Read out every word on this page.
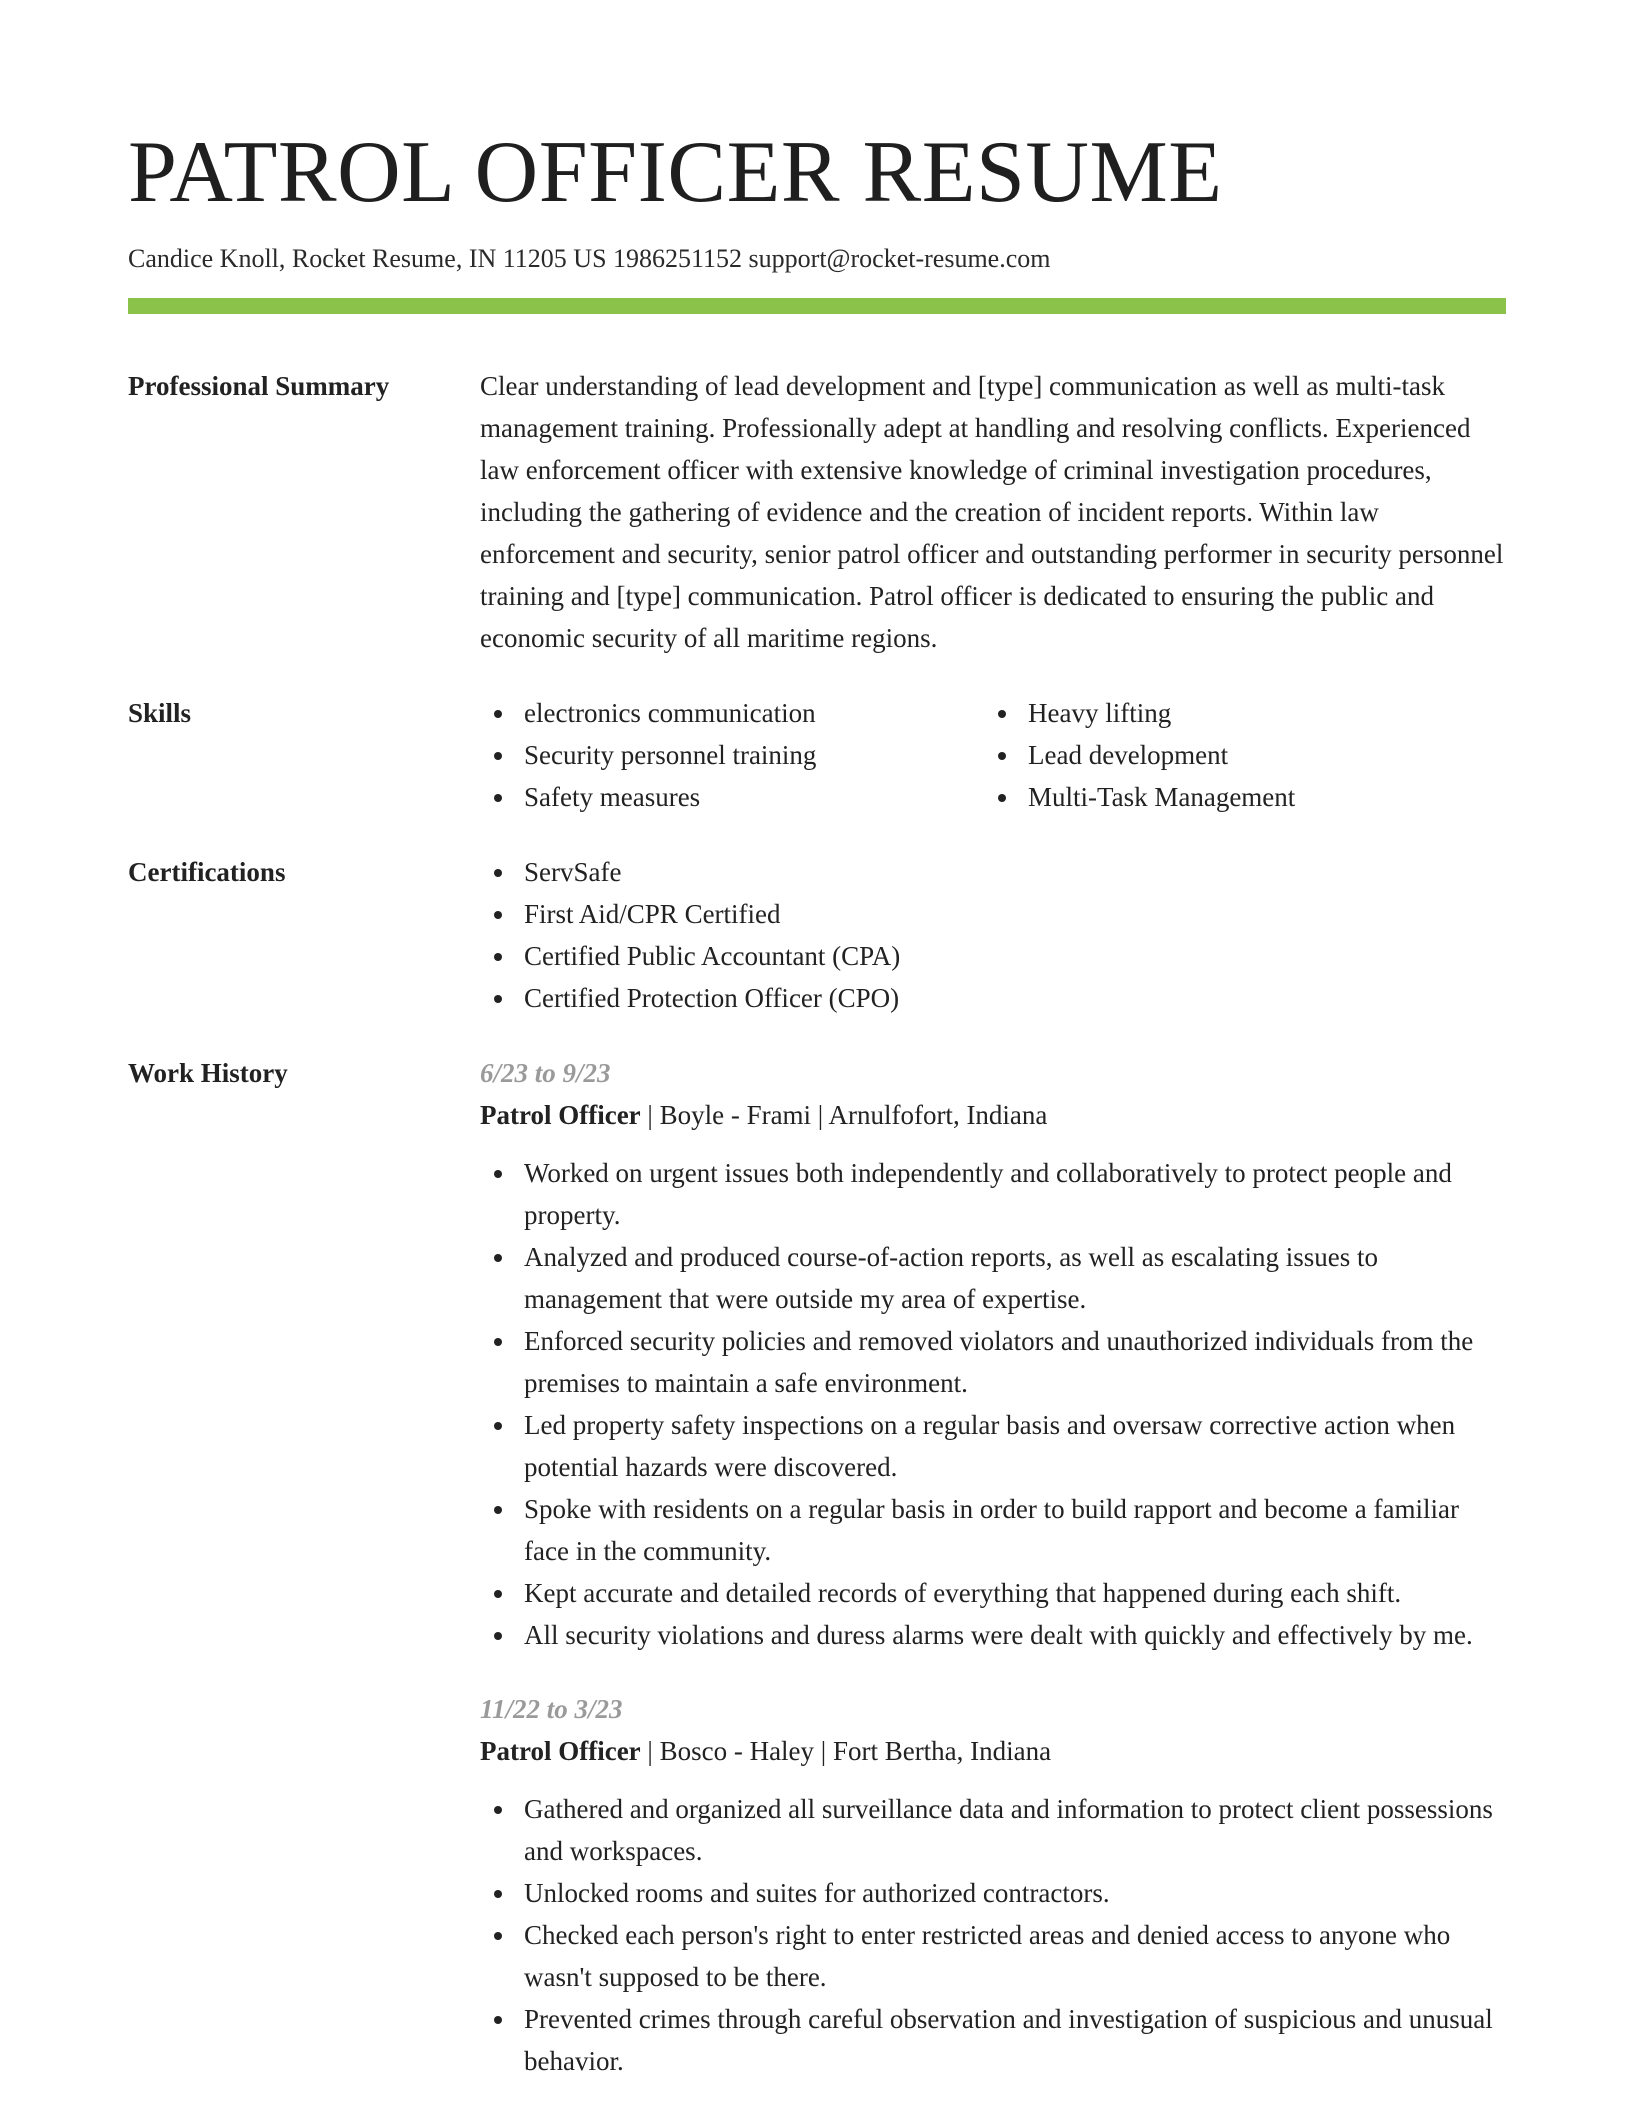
PATROL OFFICER RESUME
Candice Knoll, Rocket Resume, IN 11205 US 1986251152 support@rocket-resume.com
Professional Summary	Clear understanding of lead development and [type] communication as well as multi-task management training. Professionally adept at handling and resolving conflicts. Experienced law enforcement officer with extensive knowledge of criminal investigation procedures, including the gathering of evidence and the creation of incident reports. Within law enforcement and security, senior patrol officer and outstanding performer in security personnel training and [type] communication. Patrol officer is dedicated to ensuring the public and economic security of all maritime regions.
Skills	electronics communication
Security personnel training
Safety measures
Heavy lifting
Lead development
Multi-Task Management
Certifications	ServSafe
First Aid/CPR Certified
Certified Public Accountant (CPA)
Certified Protection Officer (CPO)
Work History	6/23 to 9/23
Patrol Officer | Boyle - Frami | Arnulfofort, Indiana
Worked on urgent issues both independently and collaboratively to protect people and property.
Analyzed and produced course-of-action reports, as well as escalating issues to management that were outside my area of expertise.
Enforced security policies and removed violators and unauthorized individuals from the premises to maintain a safe environment.
Led property safety inspections on a regular basis and oversaw corrective action when potential hazards were discovered.
Spoke with residents on a regular basis in order to build rapport and become a familiar face in the community.
Kept accurate and detailed records of everything that happened during each shift.
All security violations and duress alarms were dealt with quickly and effectively by me.
11/22 to 3/23
Patrol Officer | Bosco - Haley | Fort Bertha, Indiana
Gathered and organized all surveillance data and information to protect client possessions and workspaces.
Unlocked rooms and suites for authorized contractors.
Checked each person's right to enter restricted areas and denied access to anyone who wasn't supposed to be there.
Prevented crimes through careful observation and investigation of suspicious and unusual behavior.
